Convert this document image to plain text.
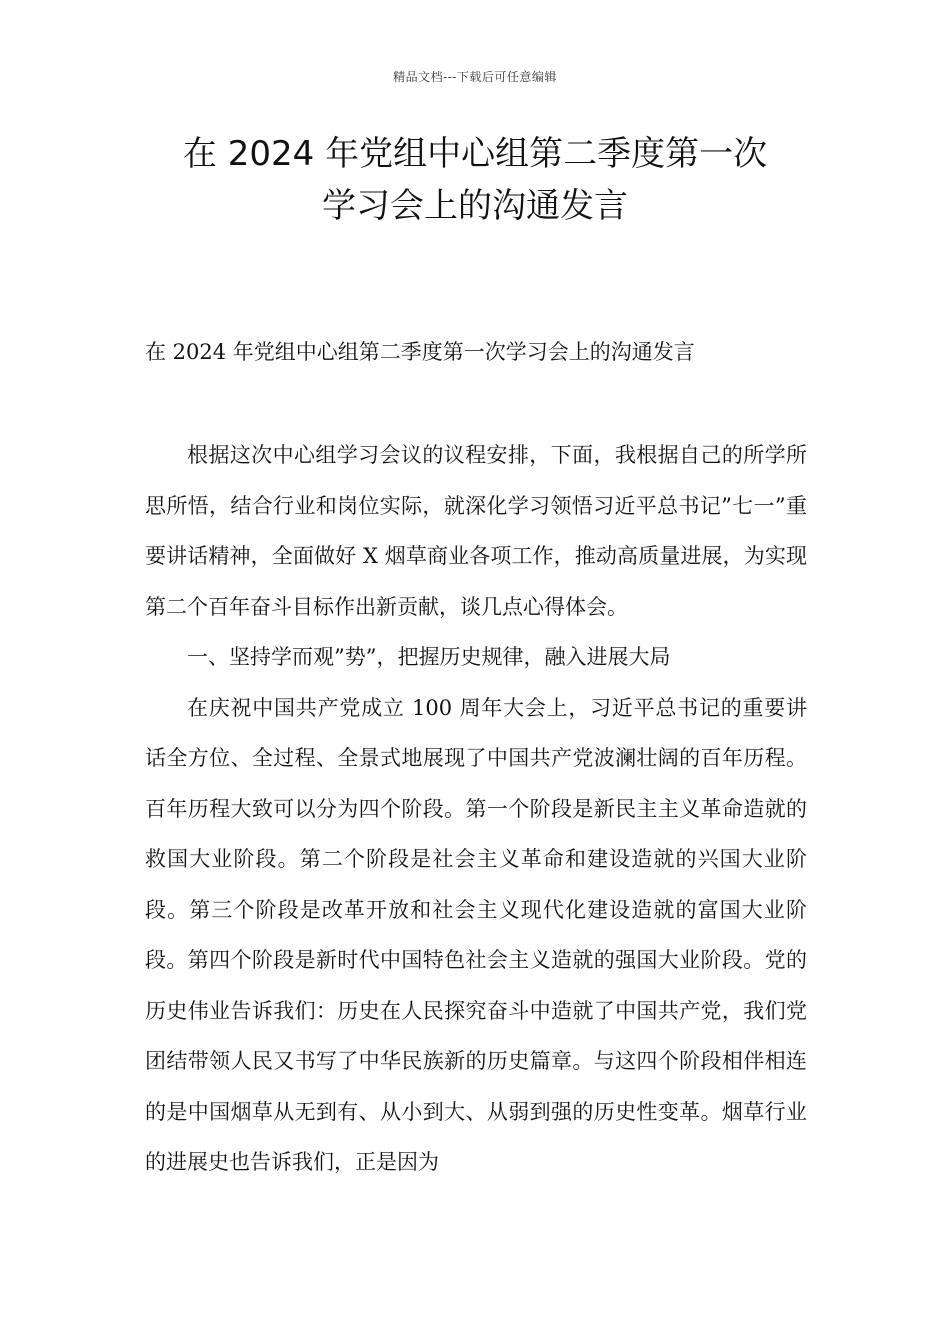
精品文档---下载后可任意编辑
在 2024 年党组中心组第二季度第一次
学习会上的沟通发言

在 2024 年党组中心组第二季度第一次学习会上的沟通发言

根据这次中心组学习会议的议程安排，下面，我根据自己的所学所思所悟，结合行业和岗位实际，就深化学习领悟习近平总书记”七一”重要讲话精神，全面做好 X 烟草商业各项工作，推动高质量进展，为实现第二个百年奋斗目标作出新贡献，谈几点心得体会。

一、坚持学而观”势”，把握历史规律，融入进展大局

在庆祝中国共产党成立 100 周年大会上，习近平总书记的重要讲话全方位、全过程、全景式地展现了中国共产党波澜壮阔的百年历程。百年历程大致可以分为四个阶段。第一个阶段是新民主主义革命造就的救国大业阶段。第二个阶段是社会主义革命和建设造就的兴国大业阶段。第三个阶段是改革开放和社会主义现代化建设造就的富国大业阶段。第四个阶段是新时代中国特色社会主义造就的强国大业阶段。党的历史伟业告诉我们：历史在人民探究奋斗中造就了中国共产党，我们党团结带领人民又书写了中华民族新的历史篇章。与这四个阶段相伴相连的是中国烟草从无到有、从小到大、从弱到强的历史性变革。烟草行业的进展史也告诉我们，正是因为
